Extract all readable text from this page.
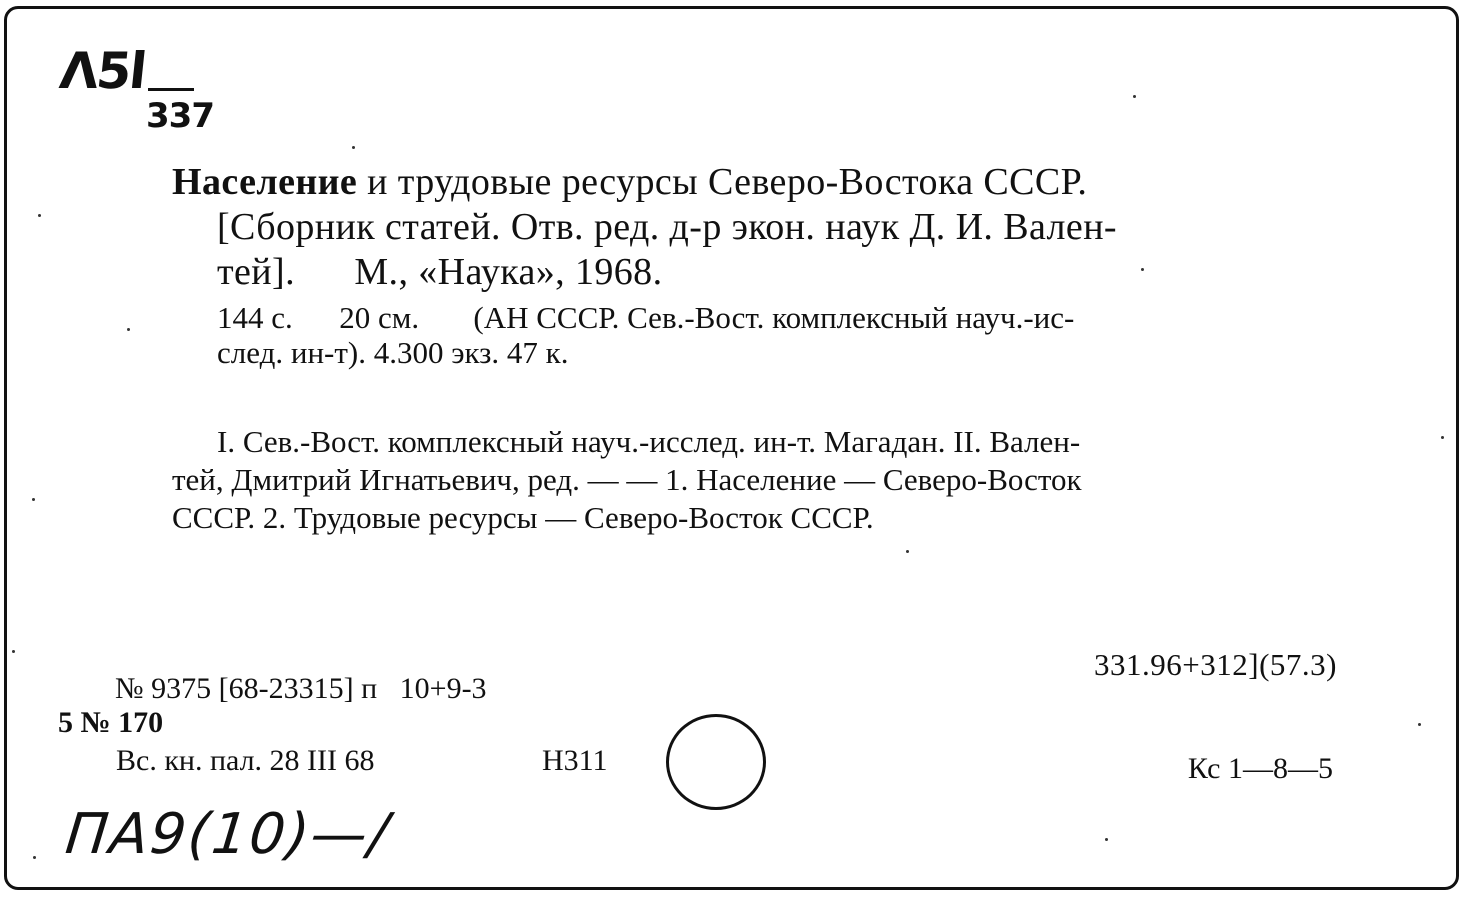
Λ5l
337

Население и трудовые ресурсы Северо-Востока СССР.

[Сборник статей. Отв. ред. д-р экон. наук Д. И. Вален-

тей].      М., «Наука», 1968.

144 с.      20 см.       (АН СССР. Сев.-Вост. комплексный науч.-ис-

след. ин-т). 4.300 экз. 47 к.

I. Сев.-Вост. комплексный науч.-исслед. ин-т. Магадан. II. Вален-

тей, Дмитрий Игнатьевич, ред. — — 1. Население — Северо-Восток

СССР. 2. Трудовые ресурсы — Северо-Восток СССР.

331.96+312](57.3)
№ 9375 [68-23315] п   10+9-3
5 № 170
Вс. кн. пал. 28 III 68	Н311	Кс 1—8—5
ПА9(10)—/
